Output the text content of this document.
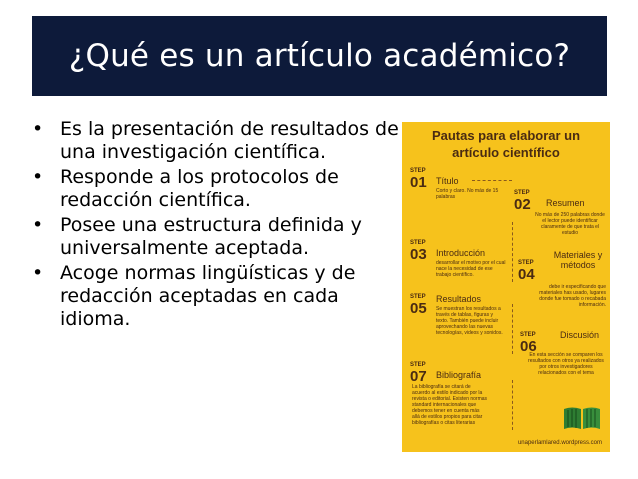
¿Qué es un artículo académico?
• Es la presentación de resultados de una investigación científica.
• Responde a los protocolos de redacción científica.
• Posee una estructura definida y universalmente aceptada.
• Acoge normas lingüísticas y de redacción aceptadas en cada idioma.
Pautas para elaborar un
artículo científico
STEP
01 Título
Corto y claro. No más de 15 palabras
STEP
02 Resumen
No más de 250 palabras donde el lector puede identificar claramente de que trata el estudio
STEP
03 Introducción
desarrollar el motivo por el cual nace la necesidad de ese trabajo científico.
STEP
04
Materiales y métodos
debe ir especificando que materiales has usado, lugares donde fue tomado o recabada información.
STEP
05
Resultados
Se muestran los resultados a través de tablas, figuras y texto. También puede incluir aprovechando las nuevas tecnologías, videos y sonidos.	STEP
06
Discusión
En esta sección se comparen los resultados con otros ya realizados por otros investigadores relacionados con el tema
STEP
07 Bibliografía
La bibliografía se citará de acuerdo al estilo indicado por la revista o editorial. Existen normas standard internacionales que debemos tener en cuenta más allá de estilos propios para citar bibliografías o citas literarias
unaperlamlared.wordpress.com
